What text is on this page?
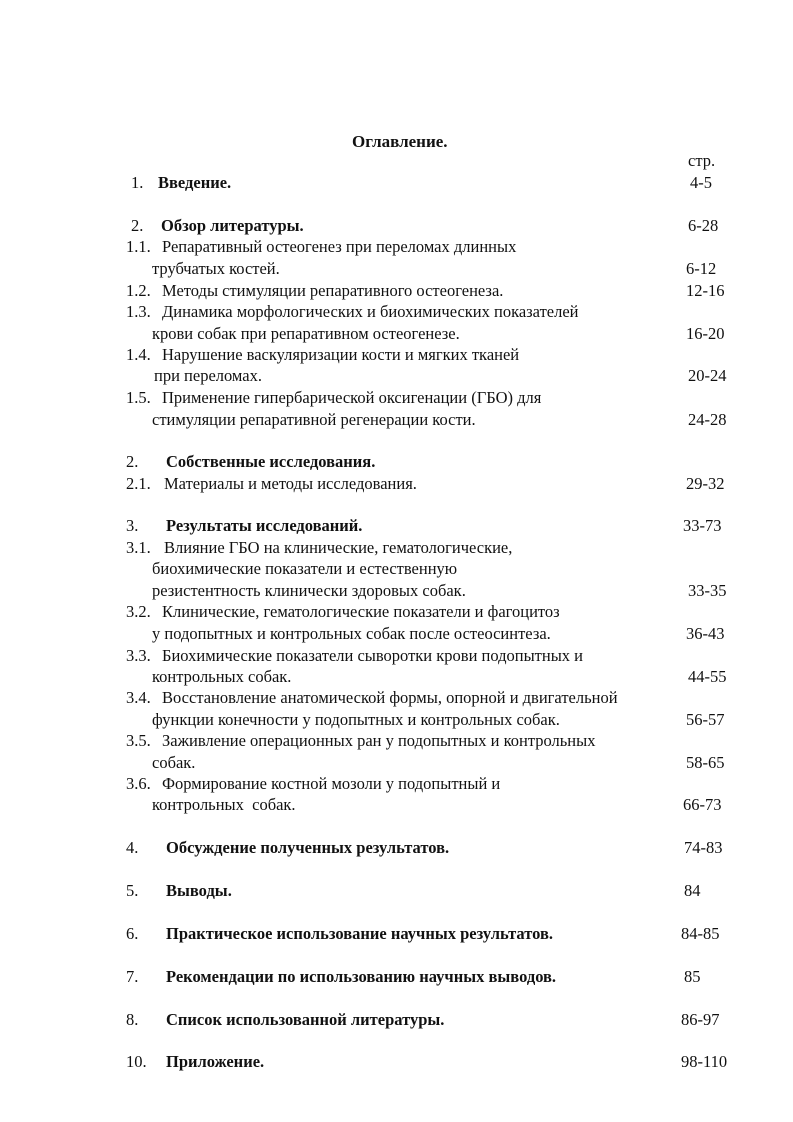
Оглавление.
стр.
1. Введение.	4-5
2. Обзор литературы.	6-28
1.1. Репаративный остеогенез при переломах длинных
трубчатых костей.	6-12
1.2. Методы стимуляции репаративного остеогенеза.	12-16
1.3. Динамика морфологических и биохимических показателей
крови собак при репаративном остеогенезе.	16-20
1.4. Нарушение васкуляризации кости и мягких тканей
при переломах.	20-24
1.5. Применение гипербарической оксигенации (ГБО) для
стимуляции репаративной регенерации кости.	24-28
2. Собственные исследования.
2.1. Материалы и методы исследования.	29-32
3. Результаты исследований.	33-73
3.1. Влияние ГБО на клинические, гематологические,
биохимические показатели и естественную
резистентность клинически здоровых собак.	33-35
3.2. Клинические, гематологические показатели и фагоцитоз
у подопытных и контрольных собак после остеосинтеза.	36-43
3.3. Биохимические показатели сыворотки крови подопытных и
контрольных собак.	44-55
3.4. Восстановление анатомической формы, опорной и двигательной
функции конечности у подопытных и контрольных собак.	56-57
3.5. Заживление операционных ран у подопытных и контрольных
собак.	58-65
3.6. Формирование костной мозоли у подопытный и
контрольных  собак.	66-73
4. Обсуждение полученных результатов.	74-83
5. Выводы.	84
6. Практическое использование научных результатов.	84-85
7. Рекомендации по использованию научных выводов.	85
8. Список использованной литературы.	86-97
10. Приложение.	98-110
